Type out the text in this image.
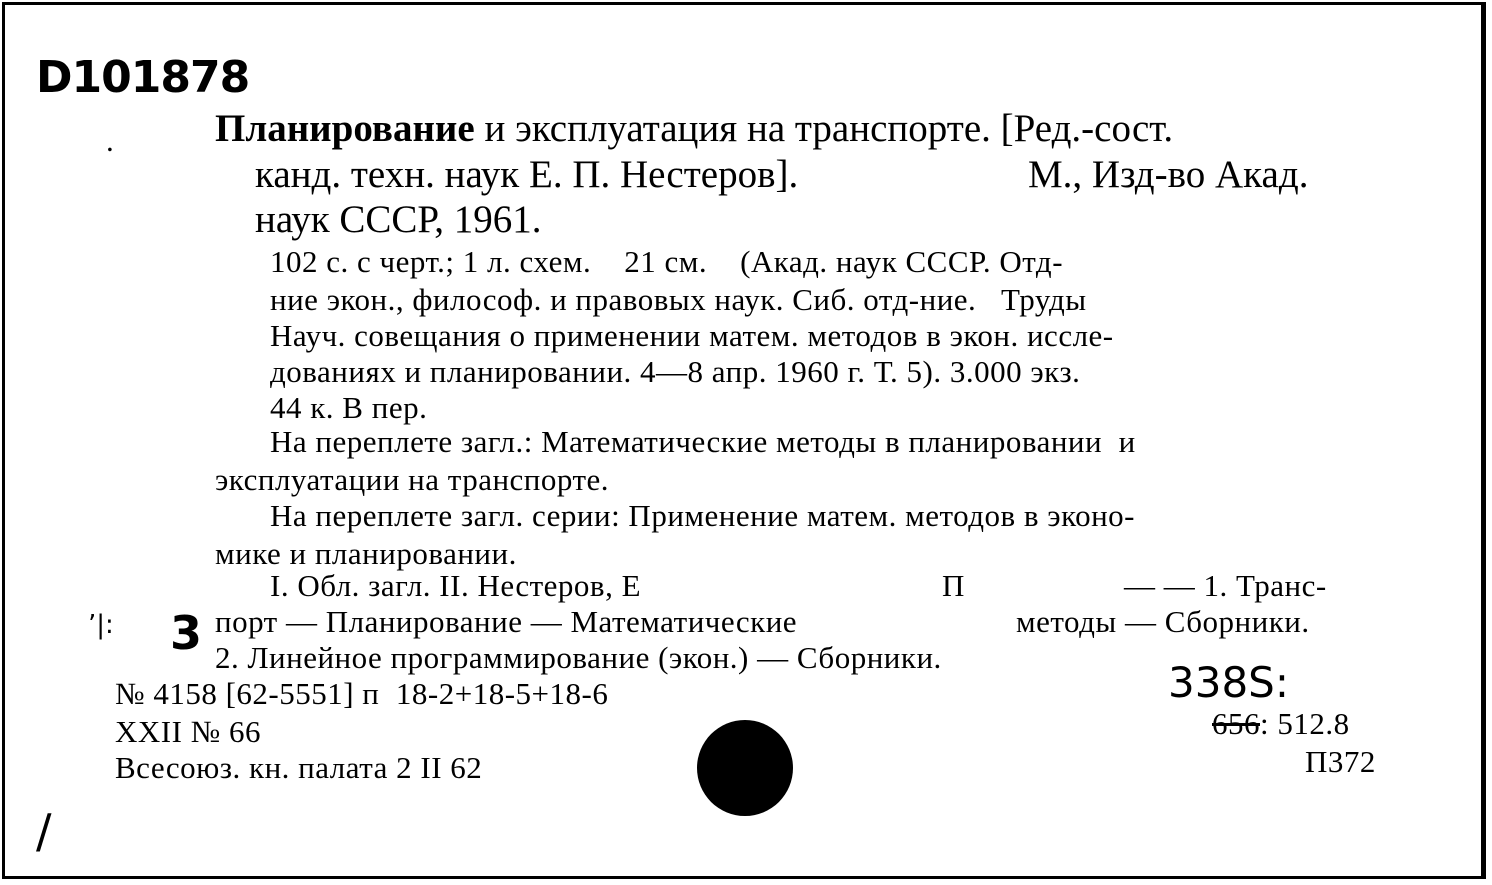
D101878
.	Планирование и эксплуатация на транспорте. [Ред.-сост.
канд. техн. наук Е. П. Нестеров].	М., Изд-во Акад.
наук СССР, 1961.
102 с. с черт.; 1 л. схем.    21 см.    (Акад. наук СССР. Отд-
ние экон., философ. и правовых наук. Сиб. отд-ние.   Труды
Науч. совещания о применении матем. методов в экон. иссле-
дованиях и планировании. 4—8 апр. 1960 г. Т. 5). 3.000 экз.
44 к. В пер.
На переплете загл.: Математическиe методы в планировании  и
эксплуатации на транспорте.
На переплете загл. серии: Применение матем. методов в эконо-
мике и планировании.
I. Обл. загл. II. Нестеров, Е	П	— — 1. Транс-
порт — Планирование — Математические	методы — Сборники.
2. Линейное программирование (экон.) — Сборники.
٬|: 3
№ 4158 [62-5551] п  18-2+18-5+18-6
XXII № 66
Всесоюз. кн. палата 2 II 62
338S:
656: 512.8
П372
/
